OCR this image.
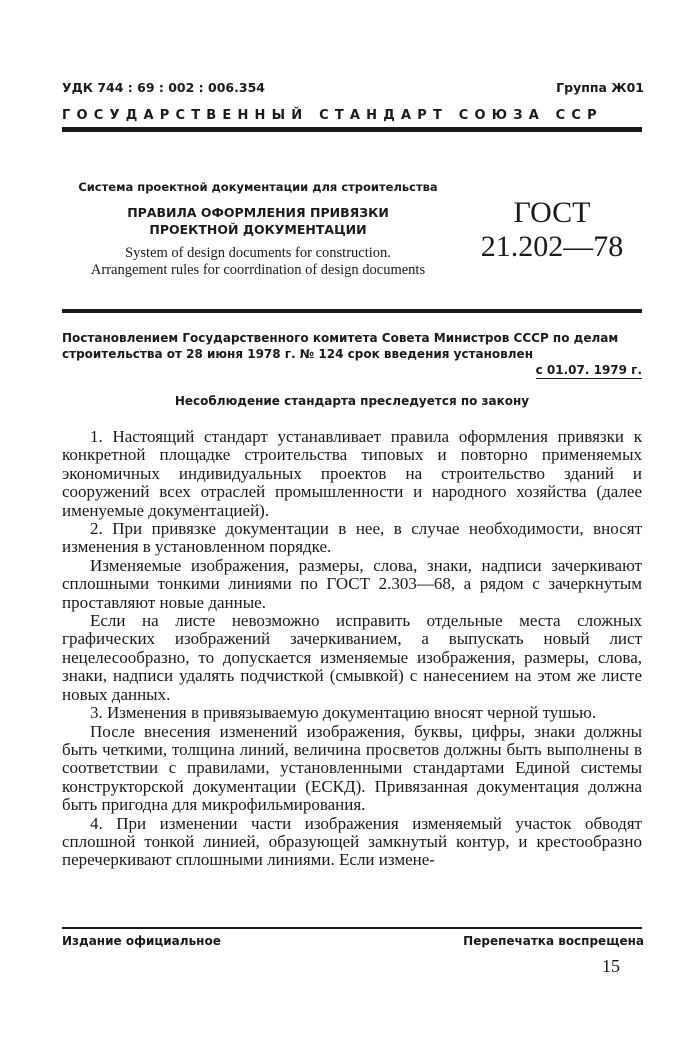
УДК 744 : 69 : 002 : 006.354	Группа Ж01
ГОСУДАРСТВЕННЫЙ СТАНДАРТ СОЮЗА ССР
Система проектной документации для строительства
ПРАВИЛА ОФОРМЛЕНИЯ ПРИВЯЗКИ
ПРОЕКТНОЙ ДОКУМЕНТАЦИИ
System of design documents for construction.
Arrangement rules for coorrdination of design documents
ГОСТ
21.202—78
Постановлением Государственного комитета Совета Министров СССР по делам строительства от 28 июня 1978 г. № 124 срок введения установлен
с 01.07. 1979 г.
Несоблюдение стандарта преследуется по закону

1. Настоящий стандарт устанавливает правила оформления привязки к конкретной площадке строительства типовых и повторно применяемых экономичных индивидуальных проектов на строительство зданий и сооружений всех отраслей промышленности и народного хозяйства (далее именуемые документацией).

2. При привязке документации в нее, в случае необходимости, вносят изменения в установленном порядке.

Изменяемые изображения, размеры, слова, знаки, надписи зачеркивают сплошными тонкими линиями по ГОСТ 2.303—68, а рядом с зачеркнутым проставляют новые данные.

Если на листе невозможно исправить отдельные места сложных графических изображений зачеркиванием, а выпускать новый лист нецелесообразно, то допускается изменяемые изображения, размеры, слова, знаки, надписи удалять подчисткой (смывкой) с нанесением на этом же листе новых данных.

3. Изменения в привязываемую документацию вносят черной тушью.

После внесения изменений изображения, буквы, цифры, знаки должны быть четкими, толщина линий, величина просветов должны быть выполнены в соответствии с правилами, установленными стандартами Единой системы конструкторской документации (ЕСКД). Привязанная документация должна быть пригодна для микрофильмирования.

4. При изменении части изображения изменяемый участок обводят сплошной тонкой линией, образующей замкнутый контур, и крестообразно перечеркивают сплошными линиями. Если измене-

Издание официальное	Перепечатка воспрещена
15
